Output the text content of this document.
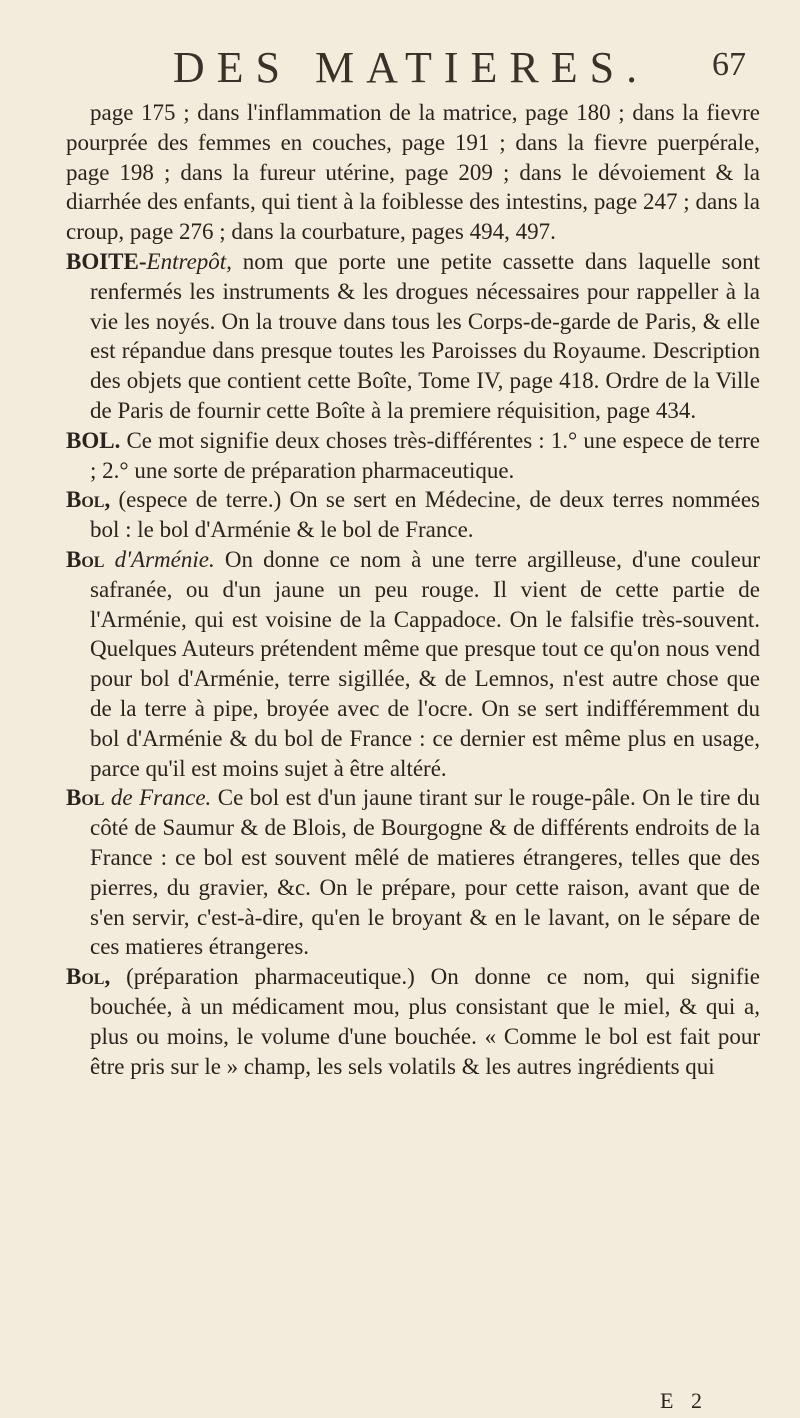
DES MATIERES.	67

page 175 ; dans l'inflammation de la matrice, page 180 ; dans la fievre pourprée des femmes en couches, page 191 ; dans la fievre puerpérale, page 198 ; dans la fureur utérine, page 209 ; dans le dévoiement & la diarrhée des enfants, qui tient à la foiblesse des intestins, page 247 ; dans la croup, page 276 ; dans la courbature, pages 494, 497.

BOITE-Entrepôt, nom que porte une petite cassette dans laquelle sont renfermés les instruments & les drogues nécessaires pour rappeller à la vie les noyés. On la trouve dans tous les Corps-de-garde de Paris, & elle est répandue dans presque toutes les Paroisses du Royaume. Description des objets que contient cette Boîte, Tome IV, page 418. Ordre de la Ville de Paris de fournir cette Boîte à la premiere réquisition, page 434.

BOL. Ce mot signifie deux choses très-différentes : 1.° une espece de terre ; 2.° une sorte de préparation pharmaceutique.

Bol, (espece de terre.) On se sert en Médecine, de deux terres nommées bol : le bol d'Arménie & le bol de France.

Bol d'Arménie. On donne ce nom à une terre argilleuse, d'une couleur safranée, ou d'un jaune un peu rouge. Il vient de cette partie de l'Arménie, qui est voisine de la Cappadoce. On le falsifie très-souvent. Quelques Auteurs prétendent même que presque tout ce qu'on nous vend pour bol d'Arménie, terre sigillée, & de Lemnos, n'est autre chose que de la terre à pipe, broyée avec de l'ocre. On se sert indifféremment du bol d'Arménie & du bol de France : ce dernier est même plus en usage, parce qu'il est moins sujet à être altéré.

Bol de France. Ce bol est d'un jaune tirant sur le rouge-pâle. On le tire du côté de Saumur & de Blois, de Bourgogne & de différents endroits de la France : ce bol est souvent mêlé de matieres étrangeres, telles que des pierres, du gravier, &c. On le prépare, pour cette raison, avant que de s'en servir, c'est-à-dire, qu'en le broyant & en le lavant, on le sépare de ces matieres étrangeres.

Bol, (préparation pharmaceutique.) On donne ce nom, qui signifie bouchée, à un médicament mou, plus consistant que le miel, & qui a, plus ou moins, le volume d'une bouchée. « Comme le bol est fait pour être pris sur le » champ, les sels volatils & les autres ingrédients qui

E 2
